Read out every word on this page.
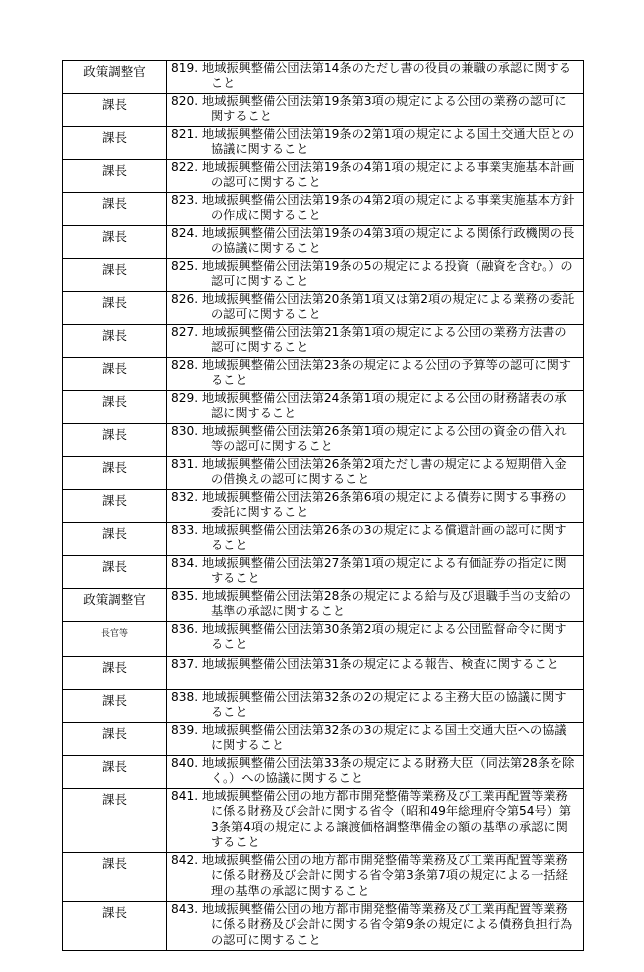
政策調整官	819. 地域振興整備公団法第14条のただし書の役員の兼職の承認に関すること

課長	820. 地域振興整備公団法第19条第3項の規定による公団の業務の認可に関すること

課長	821. 地域振興整備公団法第19条の2第1項の規定による国土交通大臣との協議に関すること

課長	822. 地域振興整備公団法第19条の4第1項の規定による事業実施基本計画の認可に関すること

課長	823. 地域振興整備公団法第19条の4第2項の規定による事業実施基本方針の作成に関すること

課長	824. 地域振興整備公団法第19条の4第3項の規定による関係行政機関の長の協議に関すること

課長	825. 地域振興整備公団法第19条の5の規定による投資（融資を含む。）の認可に関すること

課長	826. 地域振興整備公団法第20条第1項又は第2項の規定による業務の委託の認可に関すること

課長	827. 地域振興整備公団法第21条第1項の規定による公団の業務方法書の認可に関すること

課長	828. 地域振興整備公団法第23条の規定による公団の予算等の認可に関すること

課長	829. 地域振興整備公団法第24条第1項の規定による公団の財務諸表の承認に関すること

課長	830. 地域振興整備公団法第26条第1項の規定による公団の資金の借入れ等の認可に関すること

課長	831. 地域振興整備公団法第26条第2項ただし書の規定による短期借入金の借換えの認可に関すること

課長	832. 地域振興整備公団法第26条第6項の規定による債券に関する事務の委託に関すること

課長	833. 地域振興整備公団法第26条の3の規定による償還計画の認可に関すること

課長	834. 地域振興整備公団法第27条第1項の規定による有価証券の指定に関すること

政策調整官	835. 地域振興整備公団法第28条の規定による給与及び退職手当の支給の基準の承認に関すること

長官等	836. 地域振興整備公団法第30条第2項の規定による公団監督命令に関すること

課長	837. 地域振興整備公団法第31条の規定による報告、検査に関すること

課長	838. 地域振興整備公団法第32条の2の規定による主務大臣の協議に関すること

課長	839. 地域振興整備公団法第32条の3の規定による国土交通大臣への協議に関すること

課長	840. 地域振興整備公団法第33条の規定による財務大臣（同法第28条を除く。）への協議に関すること

課長	841. 地域振興整備公団の地方都市開発整備等業務及び工業再配置等業務に係る財務及び会計に関する省令（昭和49年総理府令第54号）第3条第4項の規定による譲渡価格調整準備金の額の基準の承認に関すること

課長	842. 地域振興整備公団の地方都市開発整備等業務及び工業再配置等業務に係る財務及び会計に関する省令第3条第7項の規定による一括経理の基準の承認に関すること

課長	843. 地域振興整備公団の地方都市開発整備等業務及び工業再配置等業務に係る財務及び会計に関する省令第9条の規定による債務負担行為の認可に関すること
